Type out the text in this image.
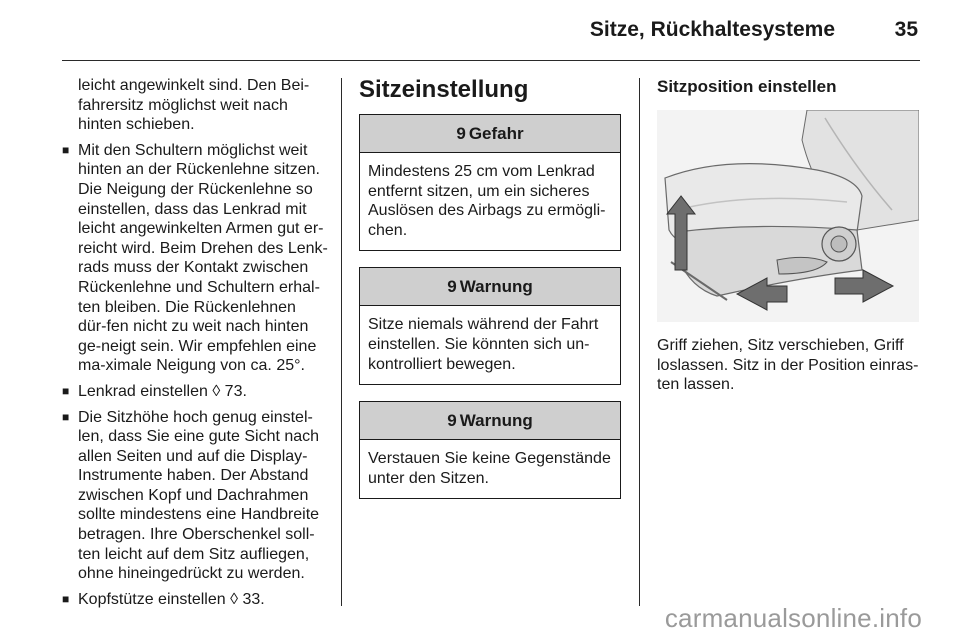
Sitze, Rückhaltesysteme	35

leicht angewinkelt sind. Den Bei-fahrersitz möglichst weit nach hinten schieben.

■ Mit den Schultern möglichst weit hinten an der Rückenlehne sitzen. Die Neigung der Rückenlehne so einstellen, dass das Lenkrad mit leicht angewinkelten Armen gut er-reicht wird. Beim Drehen des Lenk-rads muss der Kontakt zwischen Rückenlehne und Schultern erhal-ten bleiben. Die Rückenlehnen dür-fen nicht zu weit nach hinten ge-neigt sein. Wir empfehlen eine ma-ximale Neigung von ca. 25°.
■ Lenkrad einstellen ◊ 73.
■ Die Sitzhöhe hoch genug einstel-len, dass Sie eine gute Sicht nach allen Seiten und auf die Display-Instrumente haben. Der Abstand zwischen Kopf und Dachrahmen sollte mindestens eine Handbreite betragen. Ihre Oberschenkel soll-ten leicht auf dem Sitz aufliegen, ohne hineingedrückt zu werden.
■ Kopfstütze einstellen ◊ 33.
Sitzeinstellung
9 Gefahr
Mindestens 25 cm vom Lenkrad entfernt sitzen, um ein sicheres Auslösen des Airbags zu ermögli-chen.
9 Warnung
Sitze niemals während der Fahrt einstellen. Sie könnten sich un-kontrolliert bewegen.
9 Warnung
Verstauen Sie keine Gegenstände unter den Sitzen.
Sitzposition einstellen
Griff ziehen, Sitz verschieben, Griff loslassen. Sitz in der Position einras-ten lassen.
carmanualsonline.info
